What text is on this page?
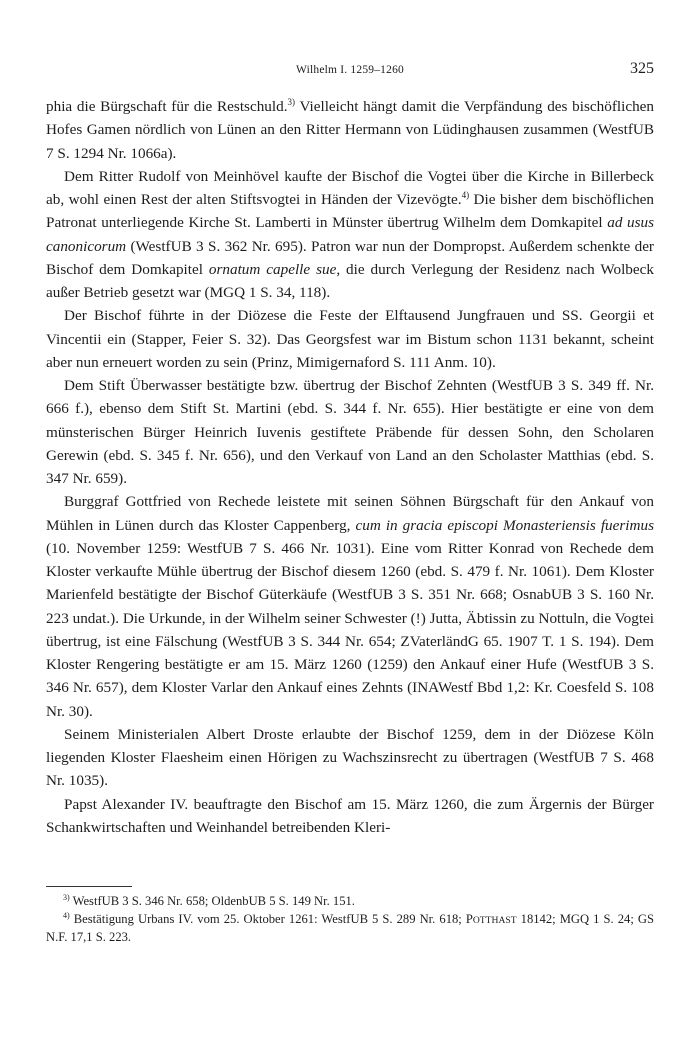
Wilhelm I. 1259–1260	325

phia die Bürgschaft für die Restschuld.$^{3)}$ Vielleicht hängt damit die Verpfändung des bischöflichen Hofes Gamen nördlich von Lünen an den Ritter Hermann von Lüdinghausen zusammen (WestfUB 7 S. 1294 Nr. 1066a).

Dem Ritter Rudolf von Meinhövel kaufte der Bischof die Vogtei über die Kirche in Billerbeck ab, wohl einen Rest der alten Stiftsvogtei in Händen der Vizevögte.$^{4)}$ Die bisher dem bischöflichen Patronat unterliegende Kirche St. Lamberti in Münster übertrug Wilhelm dem Domkapitel ad usus canonicorum (WestfUB 3 S. 362 Nr. 695). Patron war nun der Dompropst. Außerdem schenkte der Bischof dem Domkapitel ornatum capelle sue, die durch Verlegung der Residenz nach Wolbeck außer Betrieb gesetzt war (MGQ 1 S. 34, 118).

Der Bischof führte in der Diözese die Feste der Elftausend Jungfrauen und SS. Georgii et Vincentii ein (Stapper, Feier S. 32). Das Georgsfest war im Bistum schon 1131 bekannt, scheint aber nun erneuert worden zu sein (Prinz, Mimigernaford S. 111 Anm. 10).

Dem Stift Überwasser bestätigte bzw. übertrug der Bischof Zehnten (WestfUB 3 S. 349 ff. Nr. 666 f.), ebenso dem Stift St. Martini (ebd. S. 344 f. Nr. 655). Hier bestätigte er eine von dem münsterischen Bürger Heinrich Iuvenis gestiftete Präbende für dessen Sohn, den Scholaren Gerewin (ebd. S. 345 f. Nr. 656), und den Verkauf von Land an den Scholaster Matthias (ebd. S. 347 Nr. 659).

Burggraf Gottfried von Rechede leistete mit seinen Söhnen Bürgschaft für den Ankauf von Mühlen in Lünen durch das Kloster Cappenberg, cum in gracia episcopi Monasteriensis fuerimus (10. November 1259: WestfUB 7 S. 466 Nr. 1031). Eine vom Ritter Konrad von Rechede dem Kloster verkaufte Mühle übertrug der Bischof diesem 1260 (ebd. S. 479 f. Nr. 1061). Dem Kloster Marienfeld bestätigte der Bischof Güterkäufe (WestfUB 3 S. 351 Nr. 668; OsnabUB 3 S. 160 Nr. 223 undat.). Die Urkunde, in der Wilhelm seiner Schwester (!) Jutta, Äbtissin zu Nottuln, die Vogtei übertrug, ist eine Fälschung (WestfUB 3 S. 344 Nr. 654; ZVaterländG 65. 1907 T. 1 S. 194). Dem Kloster Rengering bestätigte er am 15. März 1260 (1259) den Ankauf einer Hufe (WestfUB 3 S. 346 Nr. 657), dem Kloster Varlar den Ankauf eines Zehnts (INAWestf Bbd 1,2: Kr. Coesfeld S. 108 Nr. 30).

Seinem Ministerialen Albert Droste erlaubte der Bischof 1259, dem in der Diözese Köln liegenden Kloster Flaesheim einen Hörigen zu Wachszinsrecht zu übertragen (WestfUB 7 S. 468 Nr. 1035).

Papst Alexander IV. beauftragte den Bischof am 15. März 1260, die zum Ärgernis der Bürger Schankwirtschaften und Weinhandel betreibenden Kleri-

$^{3)}$ WestfUB 3 S. 346 Nr. 658; OldenbUB 5 S. 149 Nr. 151.

$^{4)}$ Bestätigung Urbans IV. vom 25. Oktober 1261: WestfUB 5 S. 289 Nr. 618; POTTHAST 18142; MGQ 1 S. 24; GS N.F. 17,1 S. 223.
